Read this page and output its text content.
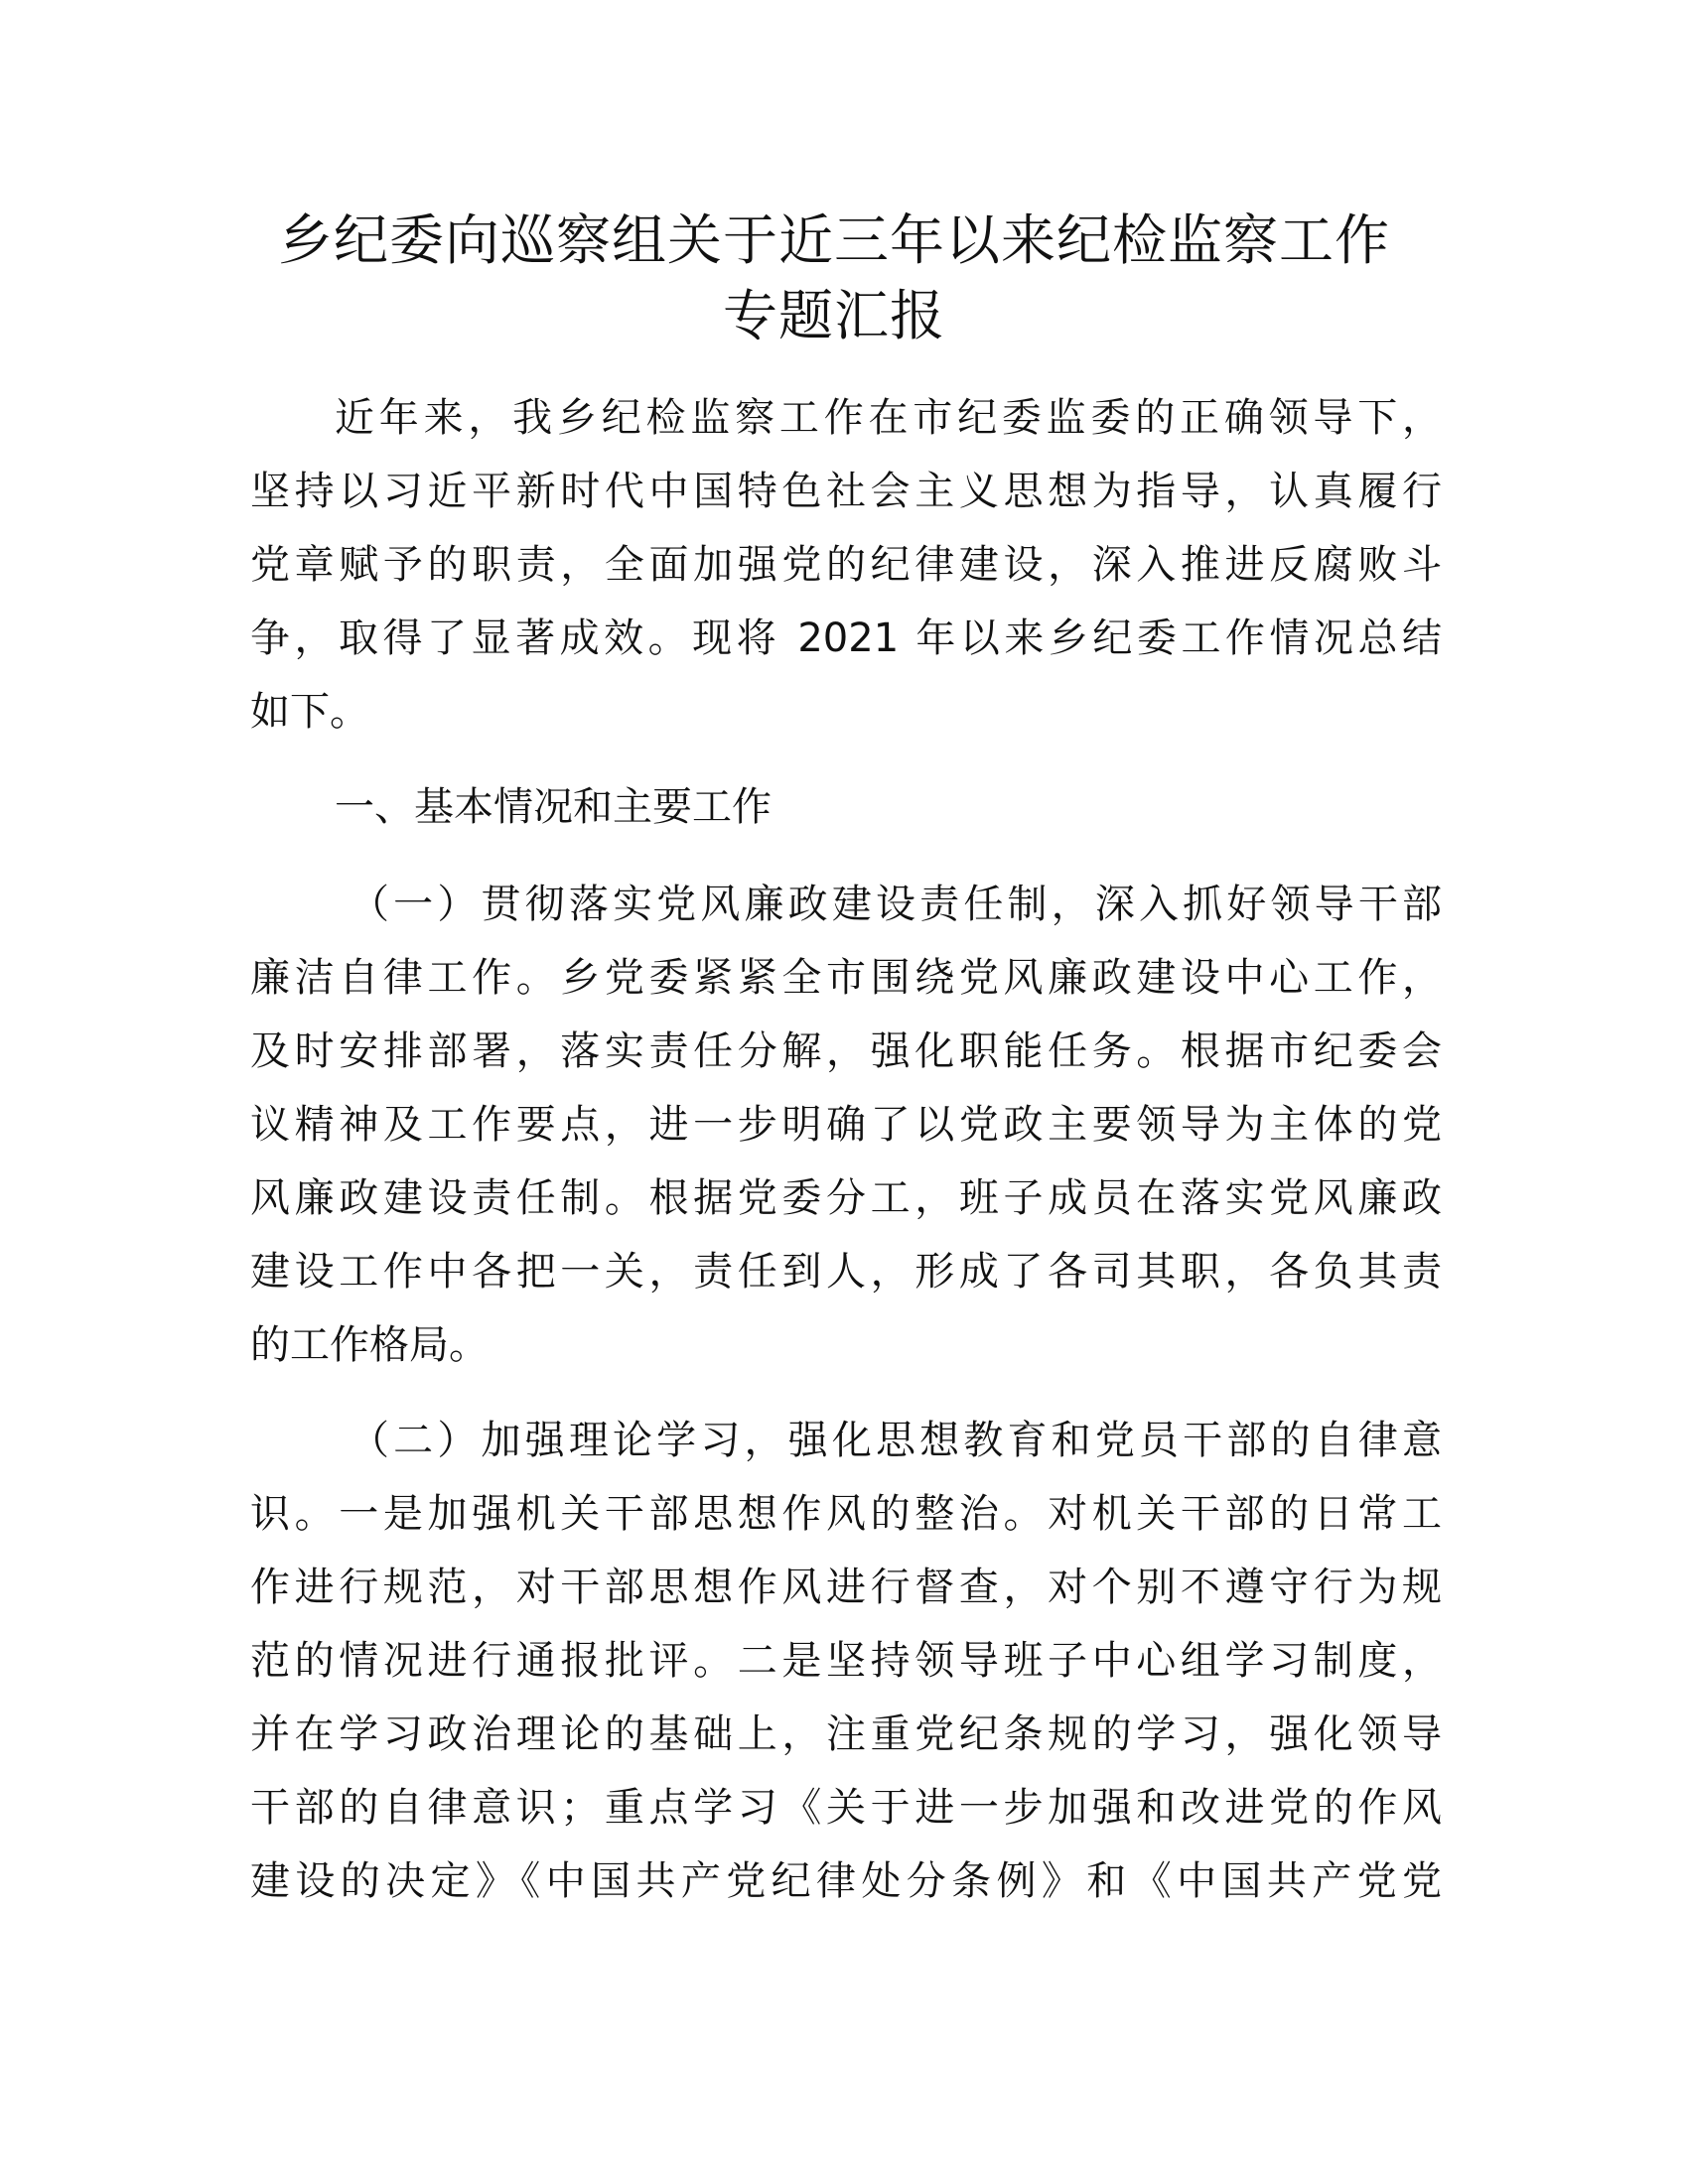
乡纪委向巡察组关于近三年以来纪检监察工作
专题汇报
近年来，我乡纪检监察工作在市纪委监委的正确领导下，
坚持以习近平新时代中国特色社会主义思想为指导，认真履行
党章赋予的职责，全面加强党的纪律建设，深入推进反腐败斗
争，取得了显著成效。现将 2021 年以来乡纪委工作情况总结
如下。
一、基本情况和主要工作
（一）贯彻落实党风廉政建设责任制，深入抓好领导干部
廉洁自律工作。乡党委紧紧全市围绕党风廉政建设中心工作，
及时安排部署，落实责任分解，强化职能任务。根据市纪委会
议精神及工作要点，进一步明确了以党政主要领导为主体的党
风廉政建设责任制。根据党委分工，班子成员在落实党风廉政
建设工作中各把一关，责任到人，形成了各司其职，各负其责
的工作格局。
（二）加强理论学习，强化思想教育和党员干部的自律意
识。一是加强机关干部思想作风的整治。对机关干部的日常工
作进行规范，对干部思想作风进行督查，对个别不遵守行为规
范的情况进行通报批评。二是坚持领导班子中心组学习制度，
并在学习政治理论的基础上，注重党纪条规的学习，强化领导
干部的自律意识；重点学习《关于进一步加强和改进党的作风
建设的决定》《中国共产党纪律处分条例》和《中国共产党党
